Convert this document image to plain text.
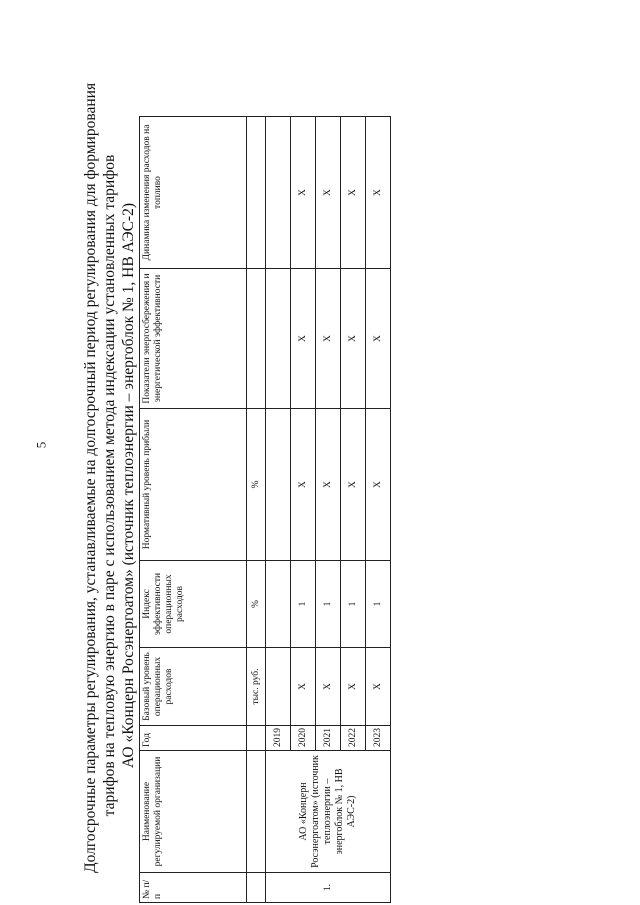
5 Долгосрочные параметры регулирования, устанавливаемые на долгосрочный период регулирования для формирования тарифов на тепловую энергию в паре с использованием метода индексации установленных тарифов АО «Концерн Росэнергоатом» (источник теплоэнергии – энергоблок № 1, НВ АЭС-2)
№ п/п	Наименование регулируемой организации	Год	Базовый уровень операционных расходов	Индекс эффективности операционных расходов	Нормативный уровень прибыли	Показатели энергосбережения и энергетической эффективности	Динамика изменения расходов на топливо
			тыс. руб.	%	%		
1.	АО «Концерн Росэнергоатом» (источник теплоэнергии – энергоблок № 1, НВ АЭС-2)	2019					
		2020	X	1	X	X	X
		2021	X	1	X	X	X
		2022	X	1	X	X	X
		2023	X	1	X	X	X
